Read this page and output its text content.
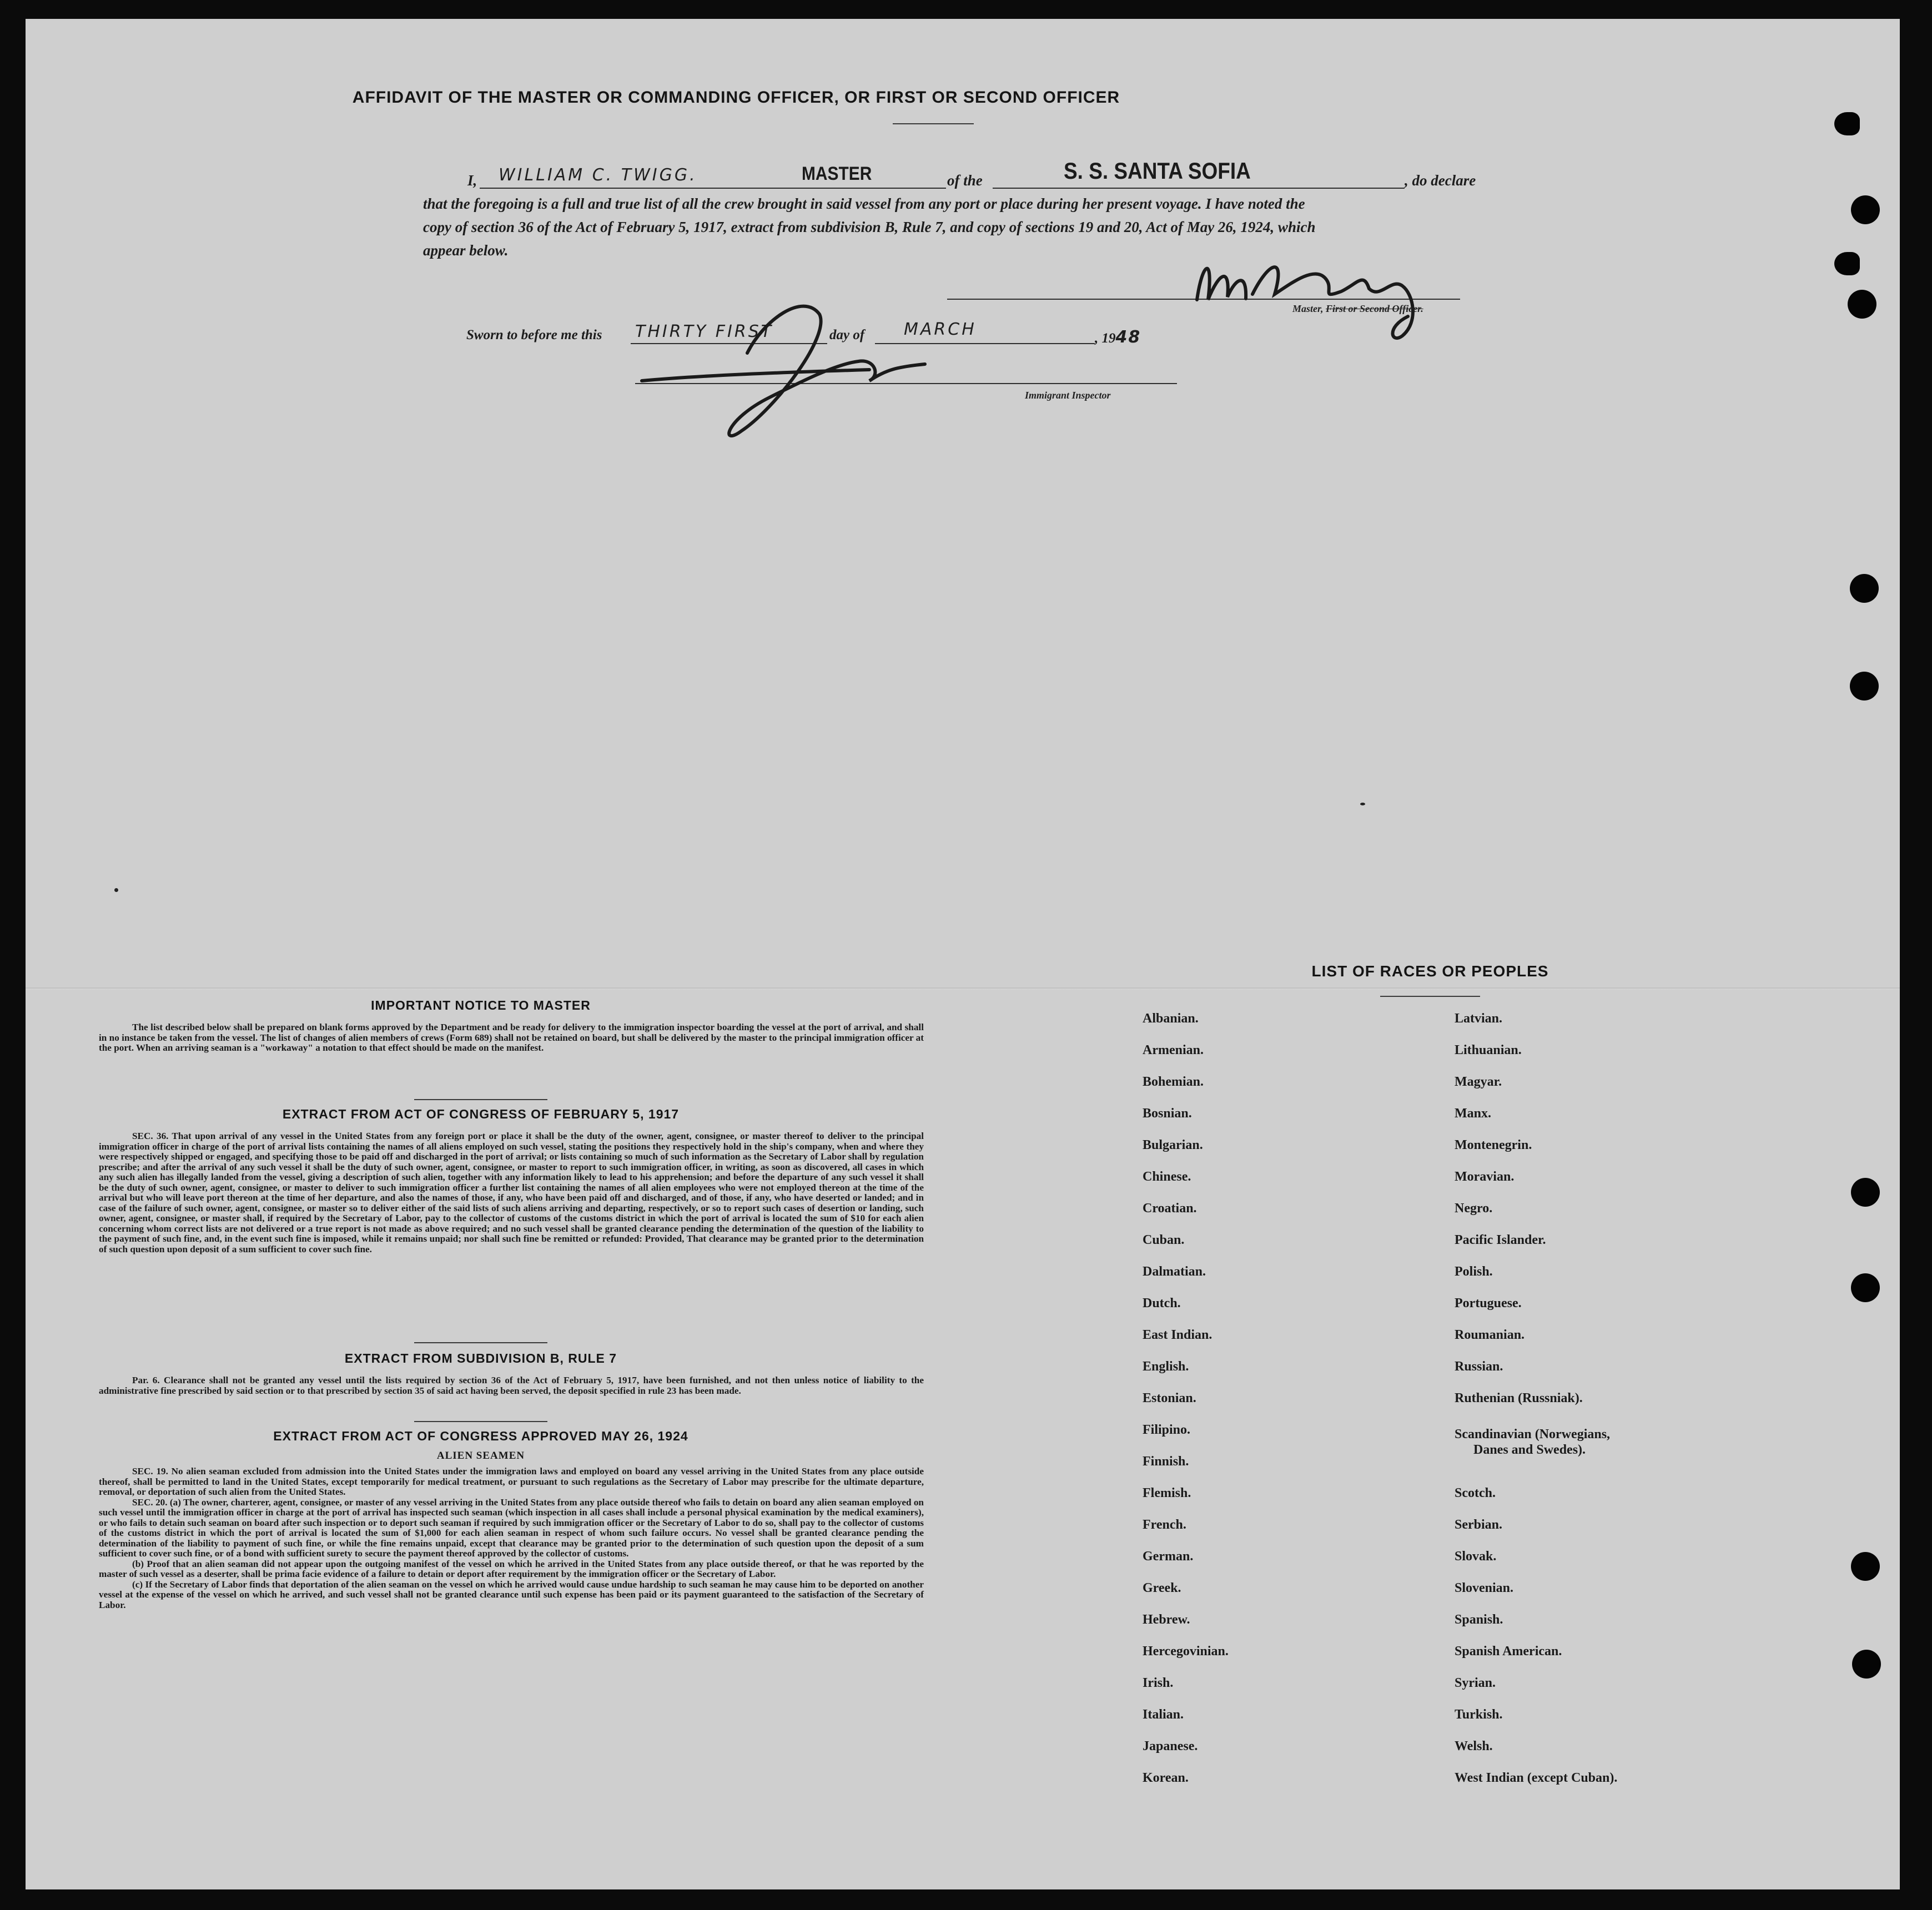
AFFIDAVIT OF THE MASTER OR COMMANDING OFFICER, OR FIRST OR SECOND OFFICER
I, WILLIAM C. TWIGG.	MASTER	of the	S. S. SANTA SOFIA	, do declare
that the foregoing is a full and true list of all the crew brought in said vessel from any port or place during her present voyage. I have noted the
copy of section 36 of the Act of February 5, 1917, extract from subdivision B, Rule 7, and copy of sections 19 and 20, Act of May 26, 1924, which
appear below.
Master, First or Second Officer.
Sworn to before me this THIRTY FIRST	day of MARCH	, 1948
Immigrant Inspector
IMPORTANT NOTICE TO MASTER
The list described below shall be prepared on blank forms approved by the Department and be ready for delivery to the immigration inspector boarding the vessel at the port of arrival, and shall in no instance be taken from the vessel. The list of changes of alien members of crews (Form 689) shall not be retained on board, but shall be delivered by the master to the principal immigration officer at the port. When an arriving seaman is a "workaway" a notation to that effect should be made on the manifest.
EXTRACT FROM ACT OF CONGRESS OF FEBRUARY 5, 1917
SEC. 36. That upon arrival of any vessel in the United States from any foreign port or place it shall be the duty of the owner, agent, consignee, or master thereof to deliver to the principal immigration officer in charge of the port of arrival lists containing the names of all aliens employed on such vessel, stating the positions they respectively hold in the ship's company, when and where they were respectively shipped or engaged, and specifying those to be paid off and discharged in the port of arrival; or lists containing so much of such information as the Secretary of Labor shall by regulation prescribe; and after the arrival of any such vessel it shall be the duty of such owner, agent, consignee, or master to report to such immigration officer, in writing, as soon as discovered, all cases in which any such alien has illegally landed from the vessel, giving a description of such alien, together with any information likely to lead to his apprehension; and before the departure of any such vessel it shall be the duty of such owner, agent, consignee, or master to deliver to such immigration officer a further list containing the names of all alien employees who were not employed thereon at the time of the arrival but who will leave port thereon at the time of her departure, and also the names of those, if any, who have been paid off and discharged, and of those, if any, who have deserted or landed; and in case of the failure of such owner, agent, consignee, or master so to deliver either of the said lists of such aliens arriving and departing, respectively, or so to report such cases of desertion or landing, such owner, agent, consignee, or master shall, if required by the Secretary of Labor, pay to the collector of customs of the customs district in which the port of arrival is located the sum of $10 for each alien concerning whom correct lists are not delivered or a true report is not made as above required; and no such vessel shall be granted clearance pending the determination of the question of the liability to the payment of such fine, and, in the event such fine is imposed, while it remains unpaid; nor shall such fine be remitted or refunded: Provided, That clearance may be granted prior to the determination of such question upon deposit of a sum sufficient to cover such fine.
EXTRACT FROM SUBDIVISION B, RULE 7
Par. 6. Clearance shall not be granted any vessel until the lists required by section 36 of the Act of February 5, 1917, have been furnished, and not then unless notice of liability to the administrative fine prescribed by said section or to that prescribed by section 35 of said act having been served, the deposit specified in rule 23 has been made.
EXTRACT FROM ACT OF CONGRESS APPROVED MAY 26, 1924
ALIEN SEAMEN
SEC. 19. No alien seaman excluded from admission into the United States under the immigration laws and employed on board any vessel arriving in the United States from any place outside thereof, shall be permitted to land in the United States, except temporarily for medical treatment, or pursuant to such regulations as the Secretary of Labor may prescribe for the ultimate departure, removal, or deportation of such alien from the United States.
SEC. 20. (a) The owner, charterer, agent, consignee, or master of any vessel arriving in the United States from any place outside thereof who fails to detain on board any alien seaman employed on such vessel until the immigration officer in charge at the port of arrival has inspected such seaman (which inspection in all cases shall include a personal physical examination by the medical examiners), or who fails to detain such seaman on board after such inspection or to deport such seaman if required by such immigration officer or the Secretary of Labor to do so, shall pay to the collector of customs of the customs district in which the port of arrival is located the sum of $1,000 for each alien seaman in respect of whom such failure occurs. No vessel shall be granted clearance pending the determination of the liability to payment of such fine, or while the fine remains unpaid, except that clearance may be granted prior to the determination of such question upon the deposit of a sum sufficient to cover such fine, or of a bond with sufficient surety to secure the payment thereof approved by the collector of customs.
(b) Proof that an alien seaman did not appear upon the outgoing manifest of the vessel on which he arrived in the United States from any place outside thereof, or that he was reported by the master of such vessel as a deserter, shall be prima facie evidence of a failure to detain or deport after requirement by the immigration officer or the Secretary of Labor.
(c) If the Secretary of Labor finds that deportation of the alien seaman on the vessel on which he arrived would cause undue hardship to such seaman he may cause him to be deported on another vessel at the expense of the vessel on which he arrived, and such vessel shall not be granted clearance until such expense has been paid or its payment guaranteed to the satisfaction of the Secretary of Labor.
LIST OF RACES OR PEOPLES
Albanian.
Armenian.
Bohemian.
Bosnian.
Bulgarian.
Chinese.
Croatian.
Cuban.
Dalmatian.
Dutch.
East Indian.
English.
Estonian.
Filipino.
Finnish.
Flemish.
French.
German.
Greek.
Hebrew.
Hercegovinian.
Irish.
Italian.
Japanese.
Korean.
Latvian.
Lithuanian.
Magyar.
Manx.
Montenegrin.
Moravian.
Negro.
Pacific Islander.
Polish.
Portuguese.
Roumanian.
Russian.
Ruthenian (Russniak).
Scandinavian (Norwegians,
Danes and Swedes).
Scotch.
Serbian.
Slovak.
Slovenian.
Spanish.
Spanish American.
Syrian.
Turkish.
Welsh.
West Indian (except Cuban).
